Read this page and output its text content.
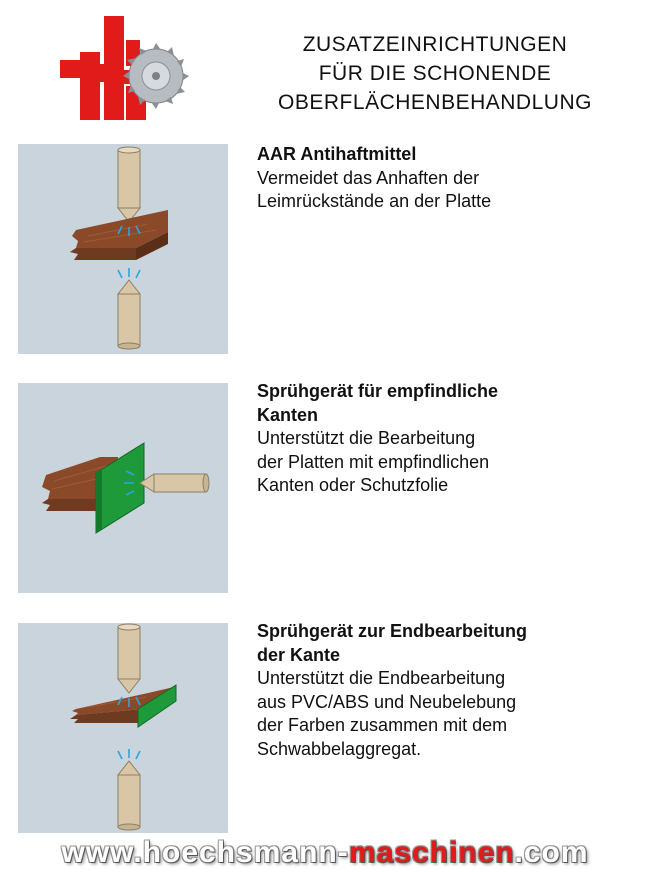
ZUSATZEINRICHTUNGEN
FÜR DIE SCHONENDE
OBERFLÄCHENBEHANDLUNG
AAR Antihaftmittel
Vermeidet das Anhaften der
Leimrückstände an der Platte
Sprühgerät für empfindliche
Kanten
Unterstützt die Bearbeitung
der Platten mit empfindlichen
Kanten oder Schutzfolie
Sprühgerät zur Endbearbeitung
der Kante
Unterstützt die Endbearbeitung
aus PVC/ABS und Neubelebung
der Farben zusammen mit dem
Schwabbelaggregat.
www.hoechsmann-maschinen.com
